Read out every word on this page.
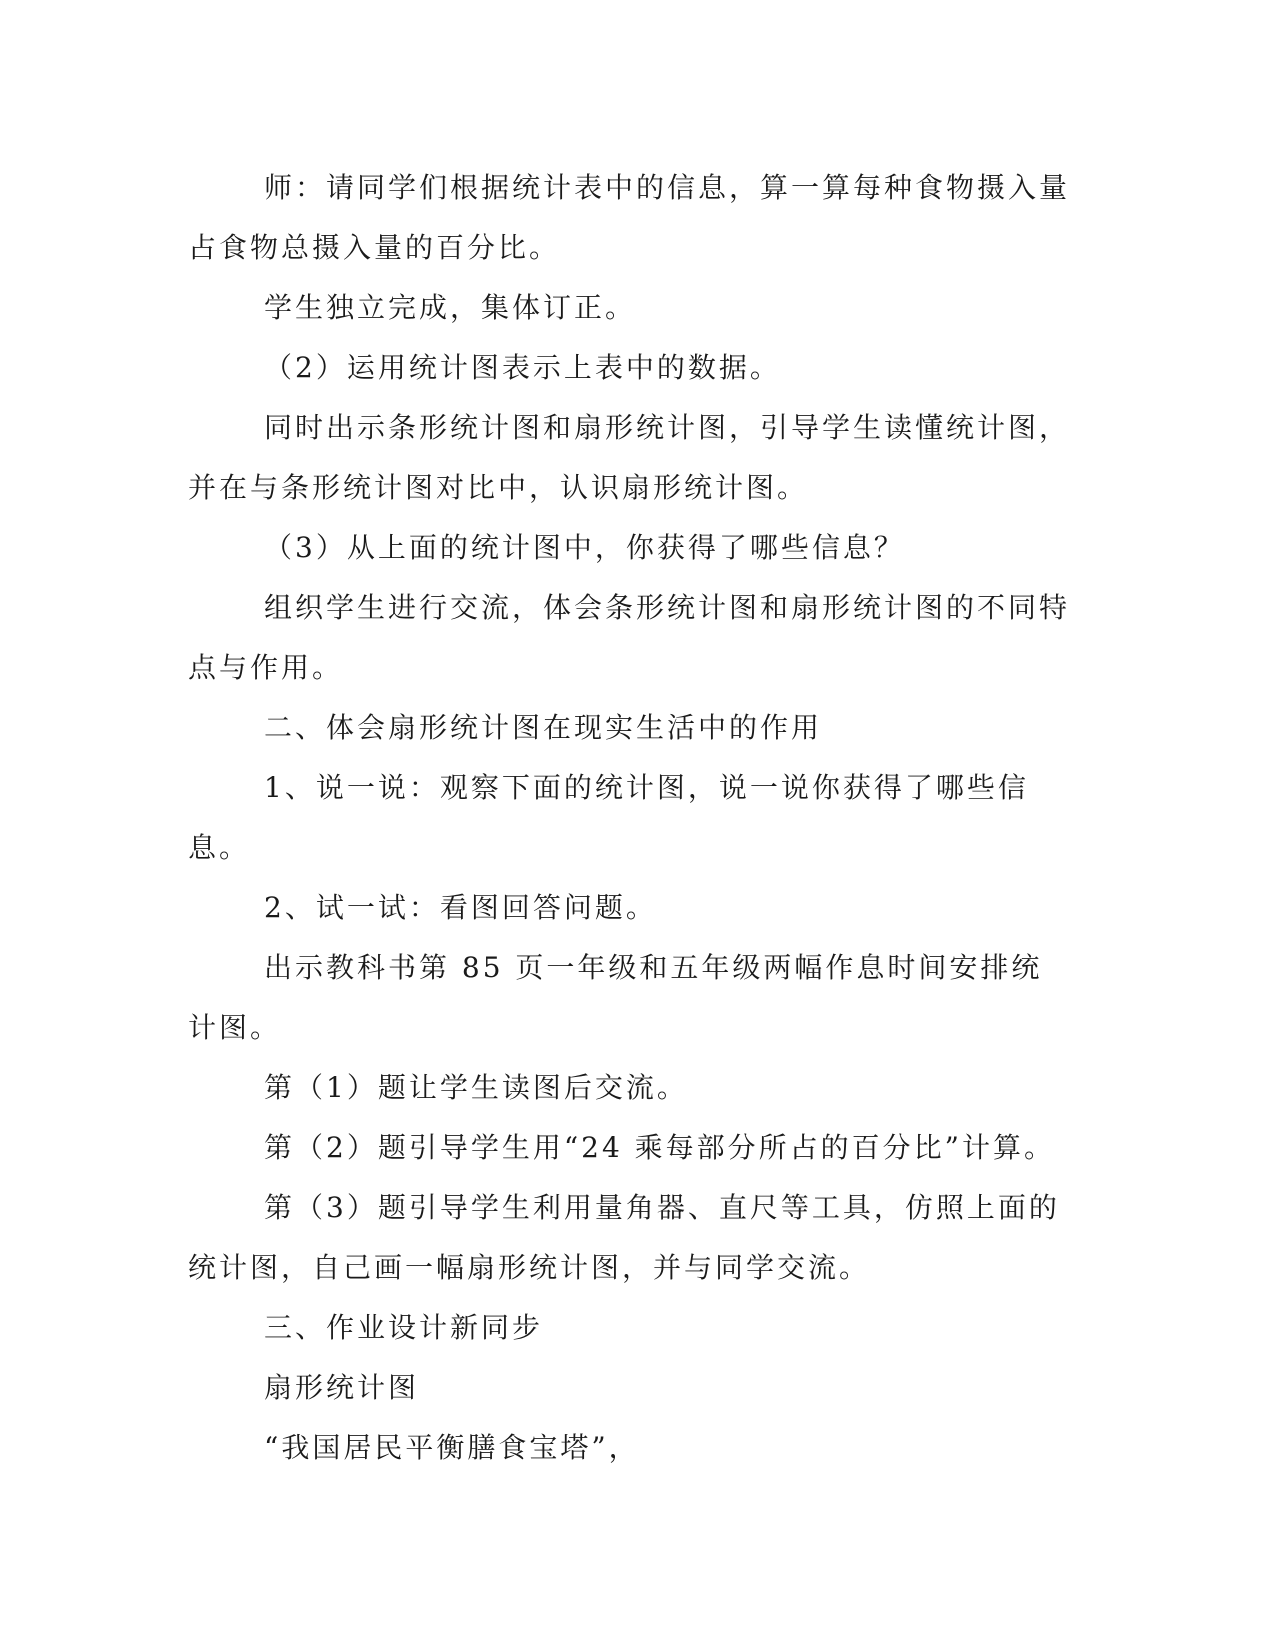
师：请同学们根据统计表中的信息，算一算每种食物摄入量占食物总摄入量的百分比。

学生独立完成，集体订正。

（2）运用统计图表示上表中的数据。

同时出示条形统计图和扇形统计图，引导学生读懂统计图，并在与条形统计图对比中，认识扇形统计图。

（3）从上面的统计图中，你获得了哪些信息？

组织学生进行交流，体会条形统计图和扇形统计图的不同特点与作用。

二、体会扇形统计图在现实生活中的作用

1、说一说：观察下面的统计图，说一说你获得了哪些信息。

2、试一试：看图回答问题。

出示教科书第 85 页一年级和五年级两幅作息时间安排统计图。

第（1）题让学生读图后交流。

第（2）题引导学生用“24 乘每部分所占的百分比”计算。

第（3）题引导学生利用量角器、直尺等工具，仿照上面的统计图，自己画一幅扇形统计图，并与同学交流。

三、作业设计新同步

扇形统计图

“我国居民平衡膳食宝塔”，
